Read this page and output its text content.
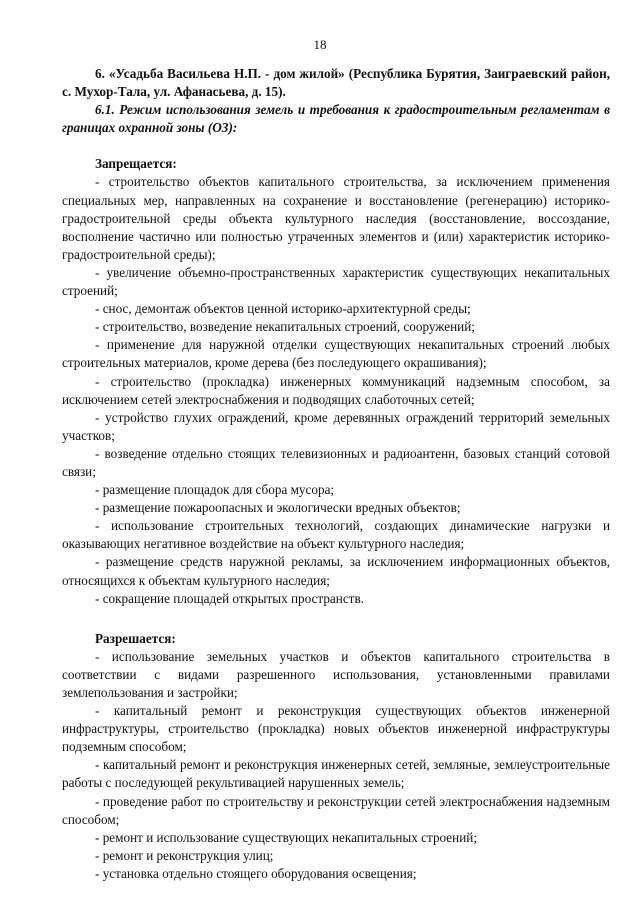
18

6. «Усадьба Васильева Н.П. - дом жилой» (Республика Бурятия, Заиграевский район, с. Мухор-Тала, ул. Афанасьева, д. 15).

6.1. Режим использования земель и требования к градостроительным регламентам в границах охранной зоны (ОЗ):

Запрещается:

- строительство объектов капитального строительства, за исключением применения специальных мер, направленных на сохранение и восстановление (регенерацию) историко-градостроительной среды объекта культурного наследия (восстановление, воссоздание, восполнение частично или полностью утраченных элементов и (или) характеристик историко-градостроительной среды);

- увеличение объемно-пространственных характеристик существующих некапитальных строений;

- снос, демонтаж объектов ценной историко-архитектурной среды;

- строительство, возведение некапитальных строений, сооружений;

- применение для наружной отделки существующих некапитальных строений любых строительных материалов, кроме дерева (без последующего окрашивания);

- строительство (прокладка) инженерных коммуникаций надземным способом, за исключением сетей электроснабжения и подводящих слаботочных сетей;

- устройство глухих ограждений, кроме деревянных ограждений территорий земельных участков;

- возведение отдельно стоящих телевизионных и радиоантенн, базовых станций сотовой связи;

- размещение площадок для сбора мусора;

- размещение пожароопасных и экологически вредных объектов;

- использование строительных технологий, создающих динамические нагрузки и оказывающих негативное воздействие на объект культурного наследия;

- размещение средств наружной рекламы, за исключением информационных объектов, относящихся к объектам культурного наследия;

- сокращение площадей открытых пространств.

Разрешается:

- использование земельных участков и объектов капитального строительства в соответствии с видами разрешенного использования, установленными правилами землепользования и застройки;

- капитальный ремонт и реконструкция существующих объектов инженерной инфраструктуры, строительство (прокладка) новых объектов инженерной инфраструктуры подземным способом;

- капитальный ремонт и реконструкция инженерных сетей, земляные, землеустроительные работы с последующей рекультивацией нарушенных земель;

- проведение работ по строительству и реконструкции сетей электроснабжения надземным способом;

- ремонт и использование существующих некапитальных строений;

- ремонт и реконструкция улиц;

- установка отдельно стоящего оборудования освещения;
